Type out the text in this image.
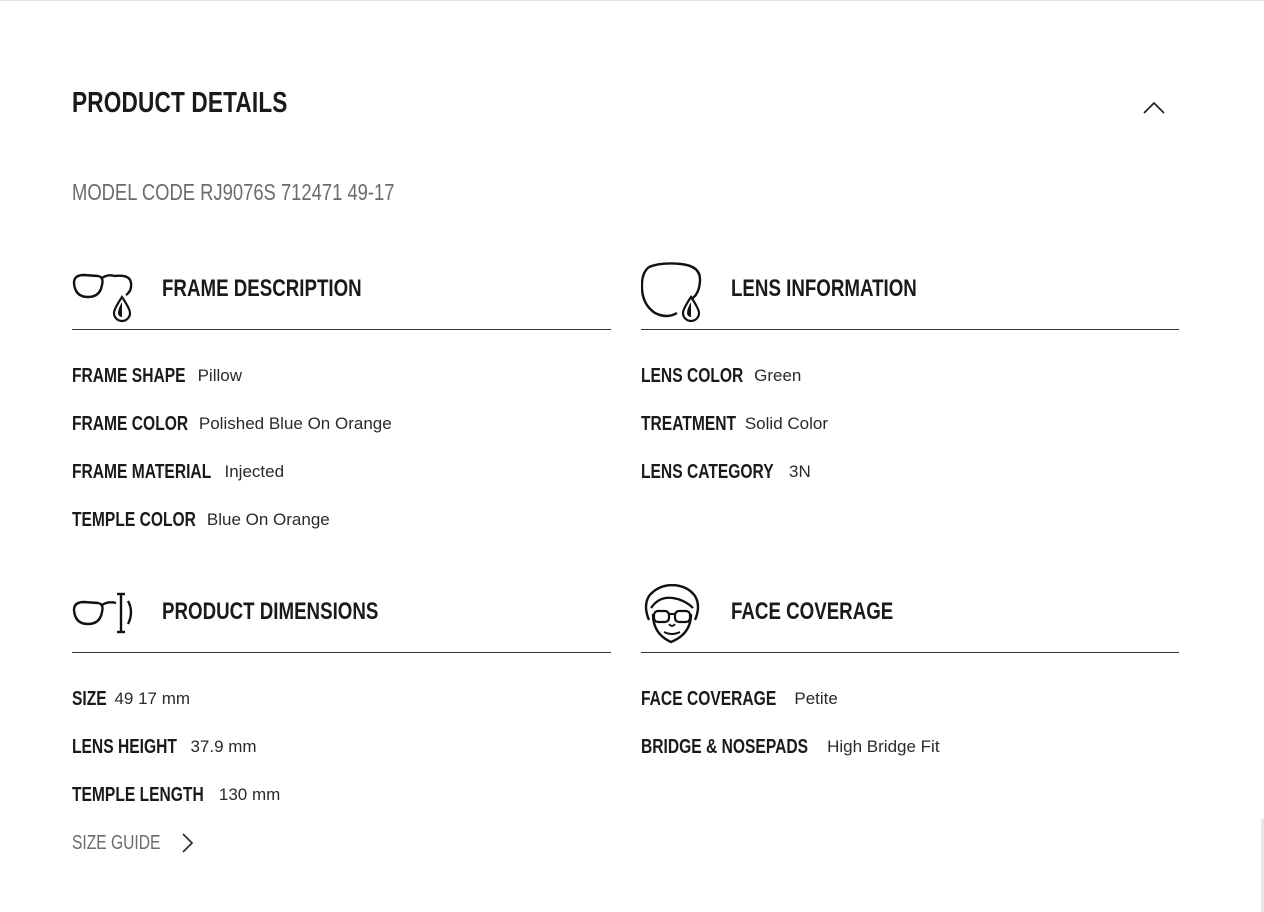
PRODUCT DETAILS
MODEL CODE RJ9076S 712471 49-17
FRAME DESCRIPTION
FRAME SHAPE Pillow
FRAME COLOR Polished Blue On Orange
FRAME MATERIAL Injected
TEMPLE COLOR Blue On Orange
LENS INFORMATION
LENS COLOR Green
TREATMENT Solid Color
LENS CATEGORY 3N
PRODUCT DIMENSIONS
SIZE 49 17 mm
LENS HEIGHT 37.9 mm
TEMPLE LENGTH 130 mm
SIZE GUIDE
FACE COVERAGE
FACE COVERAGE Petite
BRIDGE & NOSEPADS High Bridge Fit
